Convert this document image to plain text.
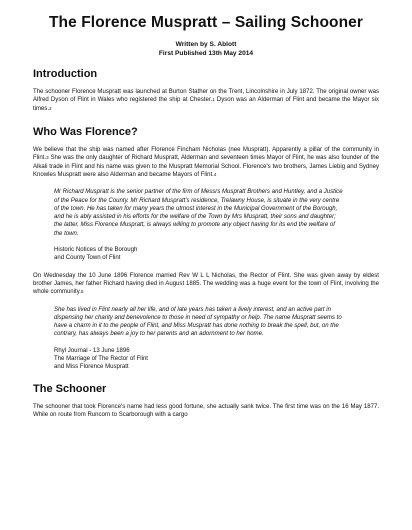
The Florence Muspratt – Sailing Schooner
Written by S. Ablott
First Published 13th May 2014
Introduction

The schooner Florence Muspratt was launched at Burton Stather on the Trent, Lincolnshire in July 1872. The original owner was Alfred Dyson of Flint in Wales who registered the ship at Chester.1 Dyson was an Alderman of Flint and became the Mayor six times.2

Who Was Florence?

We believe that the ship was named after Florence Fincham Nicholas (nee Muspratt). Apparently a pillar of the community in Flint.3 She was the only daughter of Richard Muspratt, Alderman and seventeen times Mayor of Flint, he was also founder of the Alkali trade in Flint and his name was given to the Muspratt Memorial School. Florence's two brothers, James Liebig and Sydney Knowles Muspratt were also Alderman and became Mayors of Flint.4

Mr Richard Muspratt is the senior partner of the firm of Messrs Muspratt Brothers and Huntley, and a Justice of the Peace for the County. Mr Richard Muspratt's residence, Trelawny House, is situate in the very centre of the town. He has taken for many years the utmost interest in the Municipal Government of the Borough, and he is ably assisted in his efforts for the welfare of the Town by Mrs Muspratt, their sons and daughter; the latter, Miss Florence Muspratt, is always willing to promote any object having for its end the welfare of the town.

Historic Notices of the Borough
and County Town of Flint

On Wednesday the 10 June 1896 Florence married Rev W L L Nicholas, the Rector of Flint. She was given away by eldest brother James, her father Richard having died in August 1885. The wedding was a huge event for the town of Flint, involving the whole community.5

She has lived in Flint nearly all her life, and of late years has taken a lively interest, and an active part in dispensing her charity and benevolence to those in need of sympathy or help. The name Muspratt seems to have a charm in it to the people of Flint, and Miss Muspratt has done nothing to break the spell, but, on the contrary, has always been a joy to her parents and an adornment to her home.

Rhyl Journal - 13 June 1896
The Marriage of The Rector of Flint
and Miss Florence Muspratt
The Schooner

The schooner that took Florence's name had less good fortune, she actually sank twice. The first time was on the 16 May 1877. While on route from Runcorn to Scarborough with a cargo
